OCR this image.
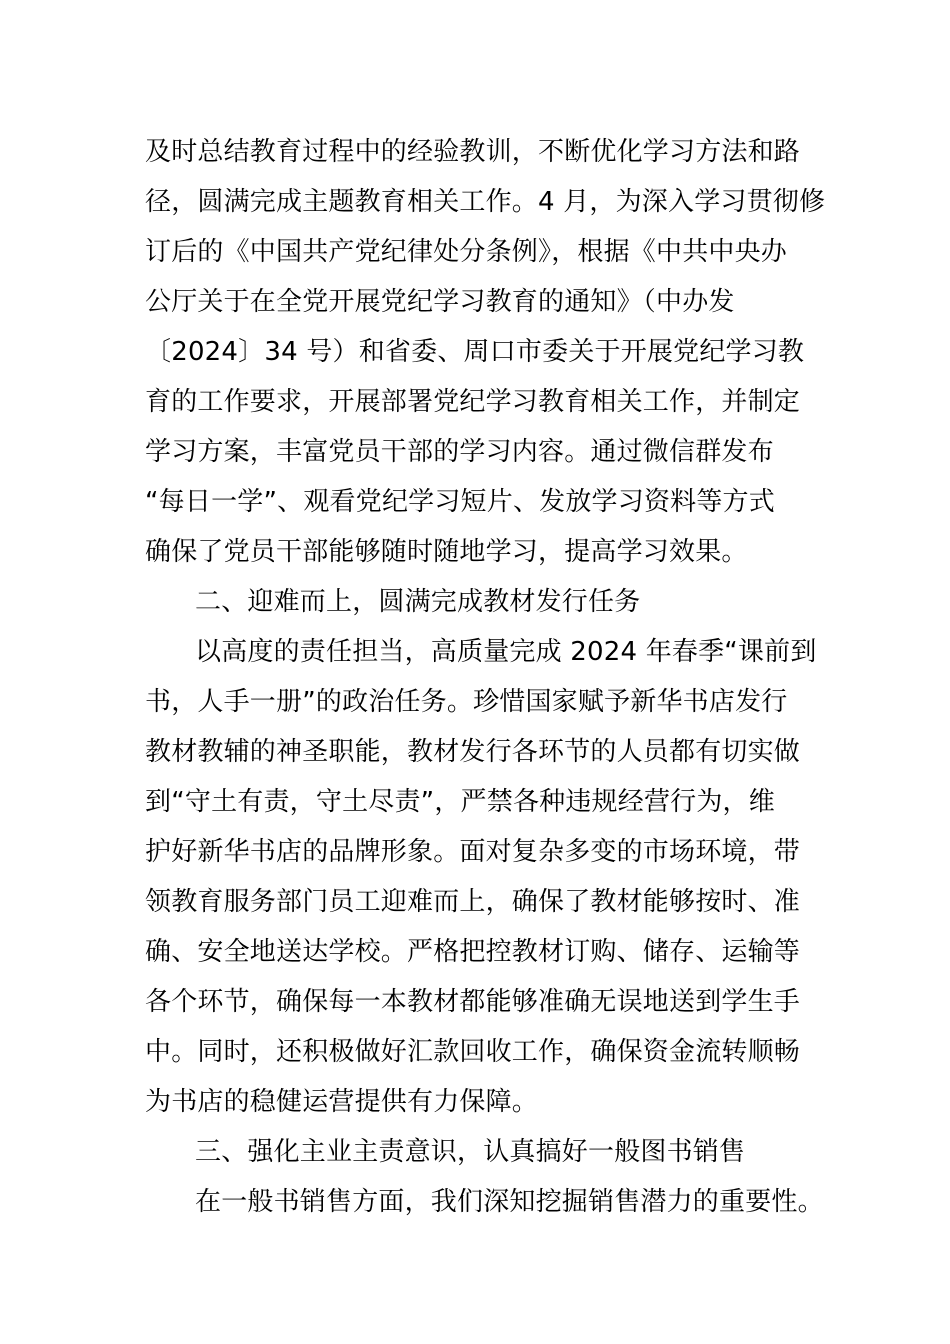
及时总结教育过程中的经验教训，不断优化学习方法和路
径，圆满完成主题教育相关工作。4 月，为深入学习贯彻修
订后的《中国共产党纪律处分条例》，根据《中共中央办
公厅关于在全党开展党纪学习教育的通知》（中办发
〔2024〕34 号）和省委、周口市委关于开展党纪学习教
育的工作要求，开展部署党纪学习教育相关工作，并制定
学习方案，丰富党员干部的学习内容。通过微信群发布
“每日一学”、观看党纪学习短片、发放学习资料等方式
确保了党员干部能够随时随地学习，提高学习效果。
二、迎难而上，圆满完成教材发行任务
以高度的责任担当，高质量完成 2024 年春季“课前到
书，人手一册”的政治任务。珍惜国家赋予新华书店发行
教材教辅的神圣职能，教材发行各环节的人员都有切实做
到“守土有责，守土尽责”，严禁各种违规经营行为，维
护好新华书店的品牌形象。面对复杂多变的市场环境，带
领教育服务部门员工迎难而上，确保了教材能够按时、准
确、安全地送达学校。严格把控教材订购、储存、运输等
各个环节，确保每一本教材都能够准确无误地送到学生手
中。同时，还积极做好汇款回收工作，确保资金流转顺畅
为书店的稳健运营提供有力保障。
三、强化主业主责意识，认真搞好一般图书销售
在一般书销售方面，我们深知挖掘销售潜力的重要性。
